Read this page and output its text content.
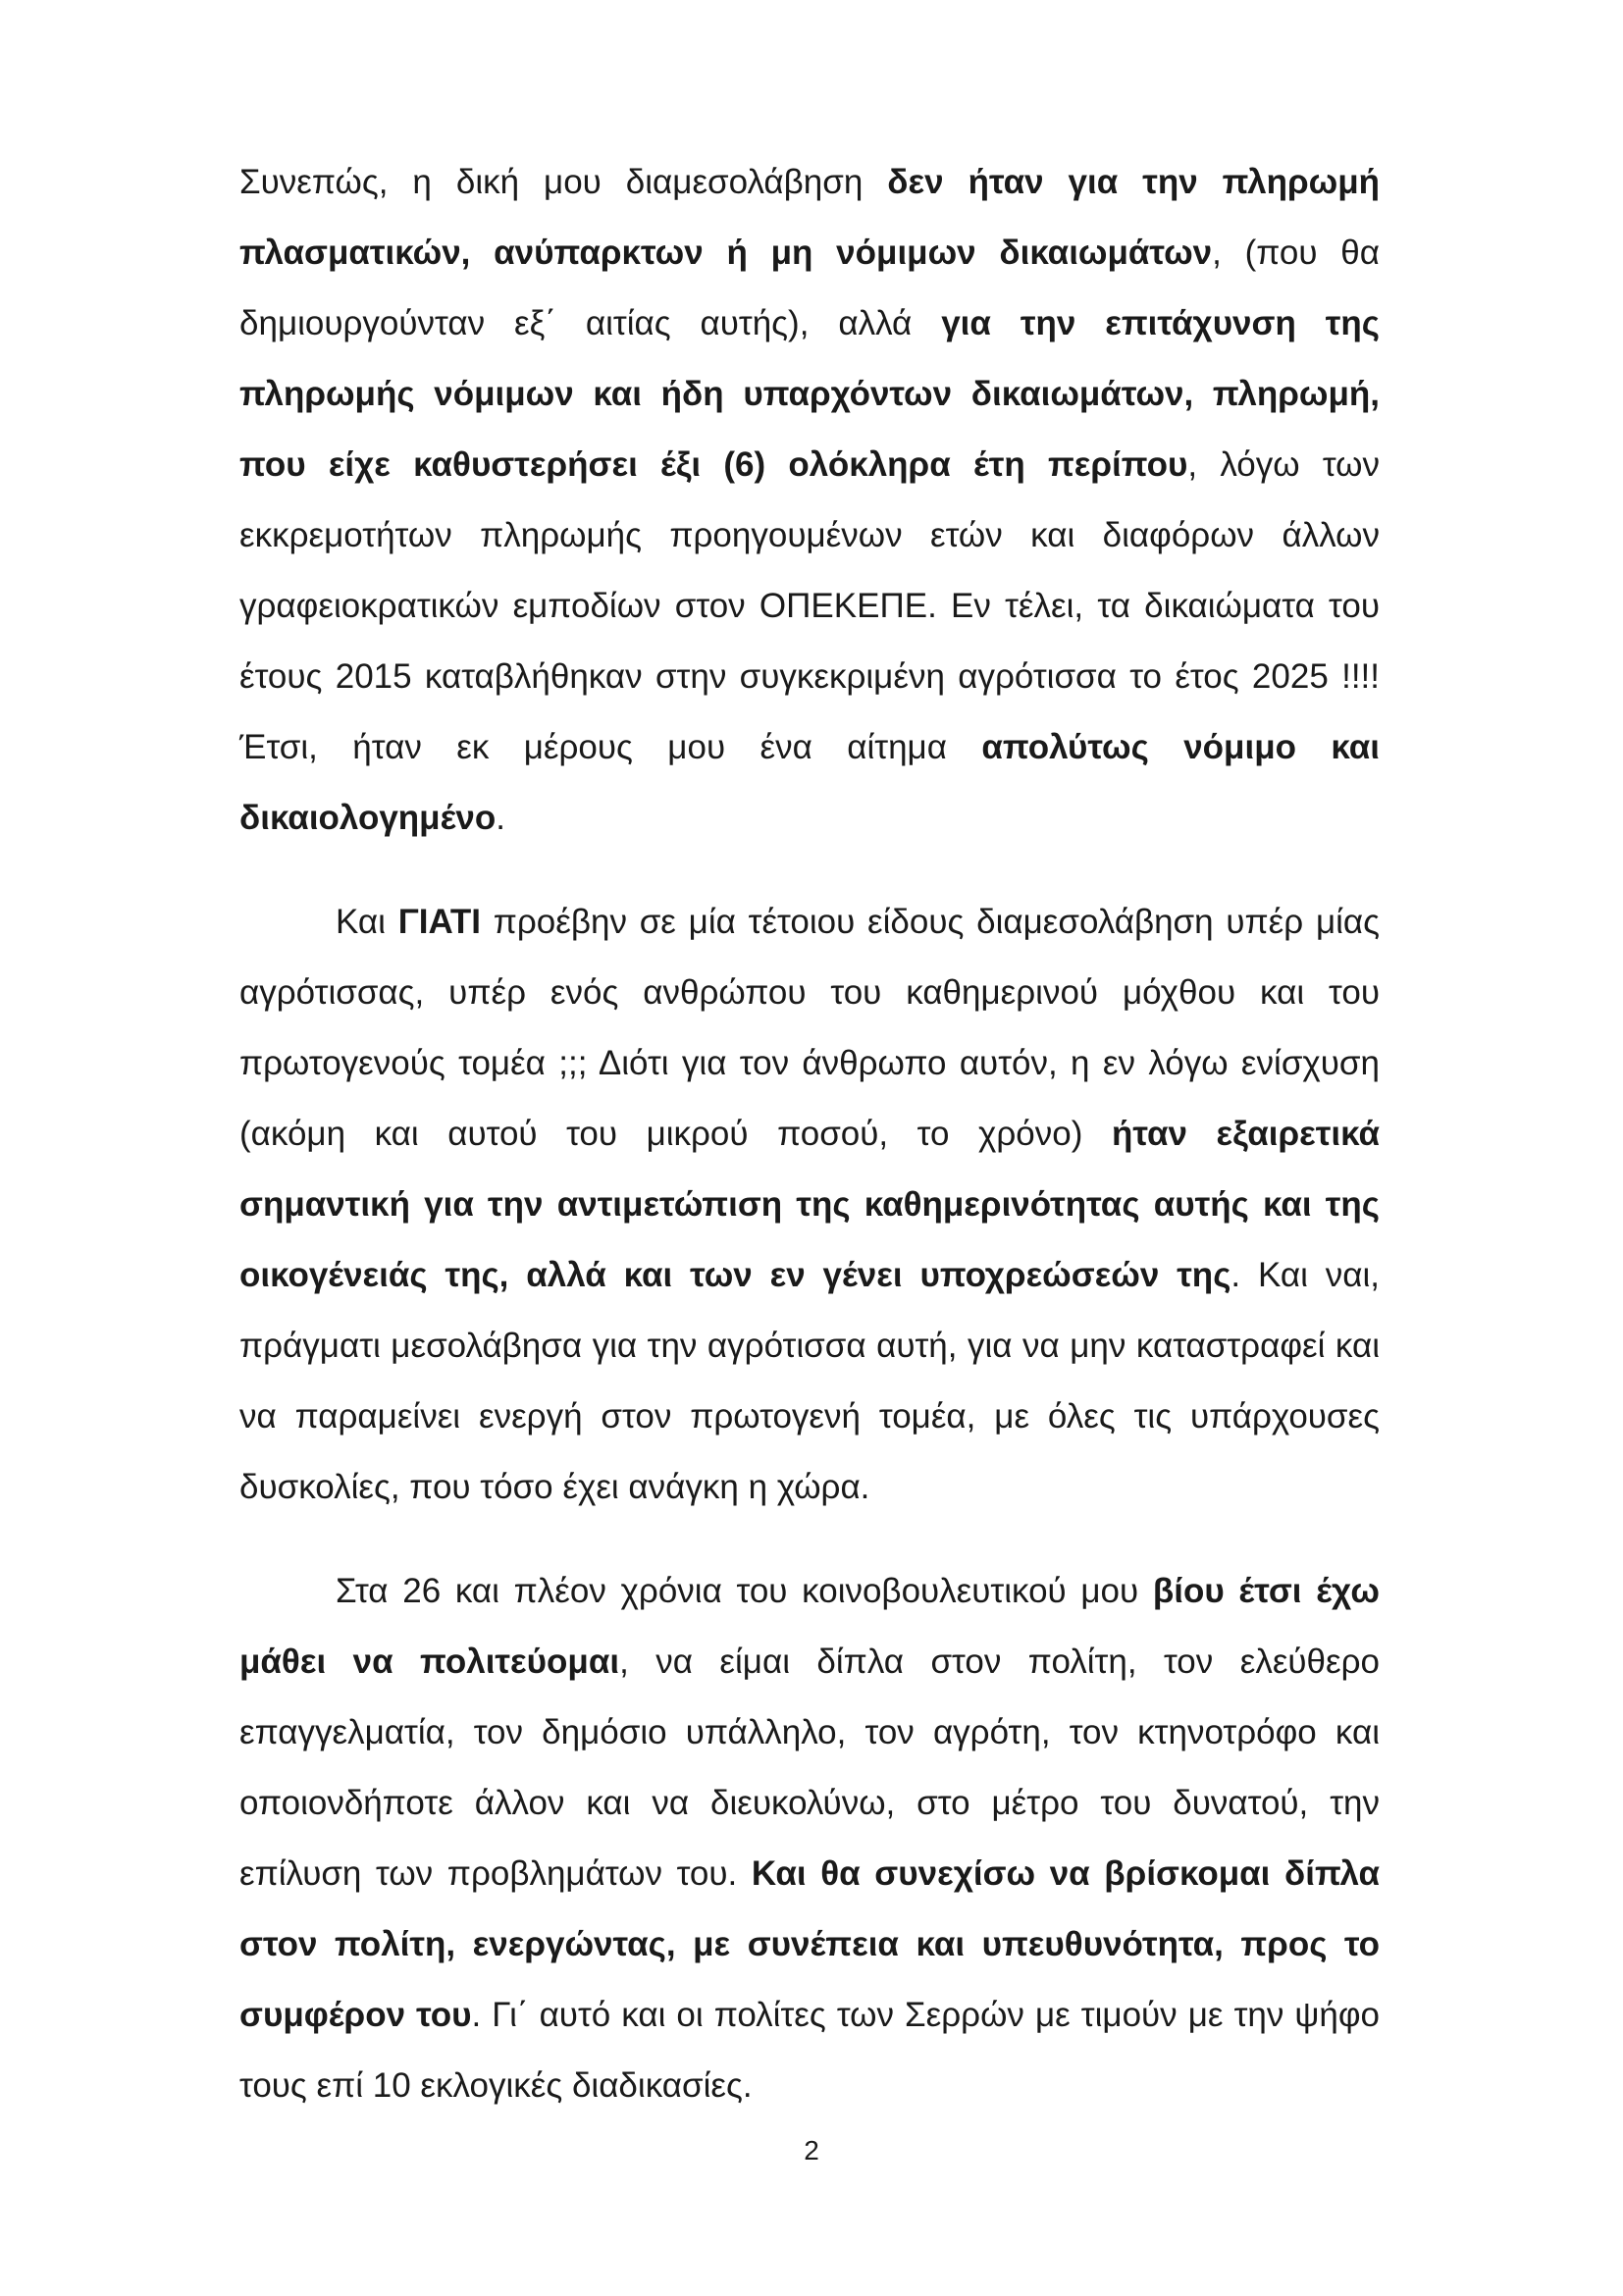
Συνεπώς, η δική μου διαμεσολάβηση δεν ήταν για την πληρωμή πλασματικών, ανύπαρκτων ή μη νόμιμων δικαιωμάτων, (που θα δημιουργούνταν εξ΄ αιτίας αυτής), αλλά για την επιτάχυνση της πληρωμής νόμιμων και ήδη υπαρχόντων δικαιωμάτων, πληρωμή, που είχε καθυστερήσει έξι (6) ολόκληρα έτη περίπου, λόγω των εκκρεμοτήτων πληρωμής προηγουμένων ετών και διαφόρων άλλων γραφειοκρατικών εμποδίων στον ΟΠΕΚΕΠΕ. Εν τέλει, τα δικαιώματα του έτους 2015 καταβλήθηκαν στην συγκεκριμένη αγρότισσα το έτος 2025 !!!! Έτσι, ήταν εκ μέρους μου ένα αίτημα απολύτως νόμιμο και δικαιολογημένο.

Και ΓΙΑΤΙ προέβην σε μία τέτοιου είδους διαμεσολάβηση υπέρ μίας αγρότισσας, υπέρ ενός ανθρώπου του καθημερινού μόχθου και του πρωτογενούς τομέα ;;; Διότι για τον άνθρωπο αυτόν, η εν λόγω ενίσχυση (ακόμη και αυτού του μικρού ποσού, το χρόνο) ήταν εξαιρετικά σημαντική για την αντιμετώπιση της καθημερινότητας αυτής και της οικογένειάς της, αλλά και των εν γένει υποχρεώσεών της. Και ναι, πράγματι μεσολάβησα για την αγρότισσα αυτή, για να μην καταστραφεί και να παραμείνει ενεργή στον πρωτογενή τομέα, με όλες τις υπάρχουσες δυσκολίες, που τόσο έχει ανάγκη η χώρα.

Στα 26 και πλέον χρόνια του κοινοβουλευτικού μου βίου έτσι έχω μάθει να πολιτεύομαι, να είμαι δίπλα στον πολίτη, τον ελεύθερο επαγγελματία, τον δημόσιο υπάλληλο, τον αγρότη, τον κτηνοτρόφο και οποιονδήποτε άλλον και να διευκολύνω, στο μέτρο του δυνατού, την επίλυση των προβλημάτων του. Και θα συνεχίσω να βρίσκομαι δίπλα στον πολίτη, ενεργώντας, με συνέπεια και υπευθυνότητα, προς το συμφέρον του. Γι΄ αυτό και οι πολίτες των Σερρών με τιμούν με την ψήφο τους επί 10 εκλογικές διαδικασίες.

2
